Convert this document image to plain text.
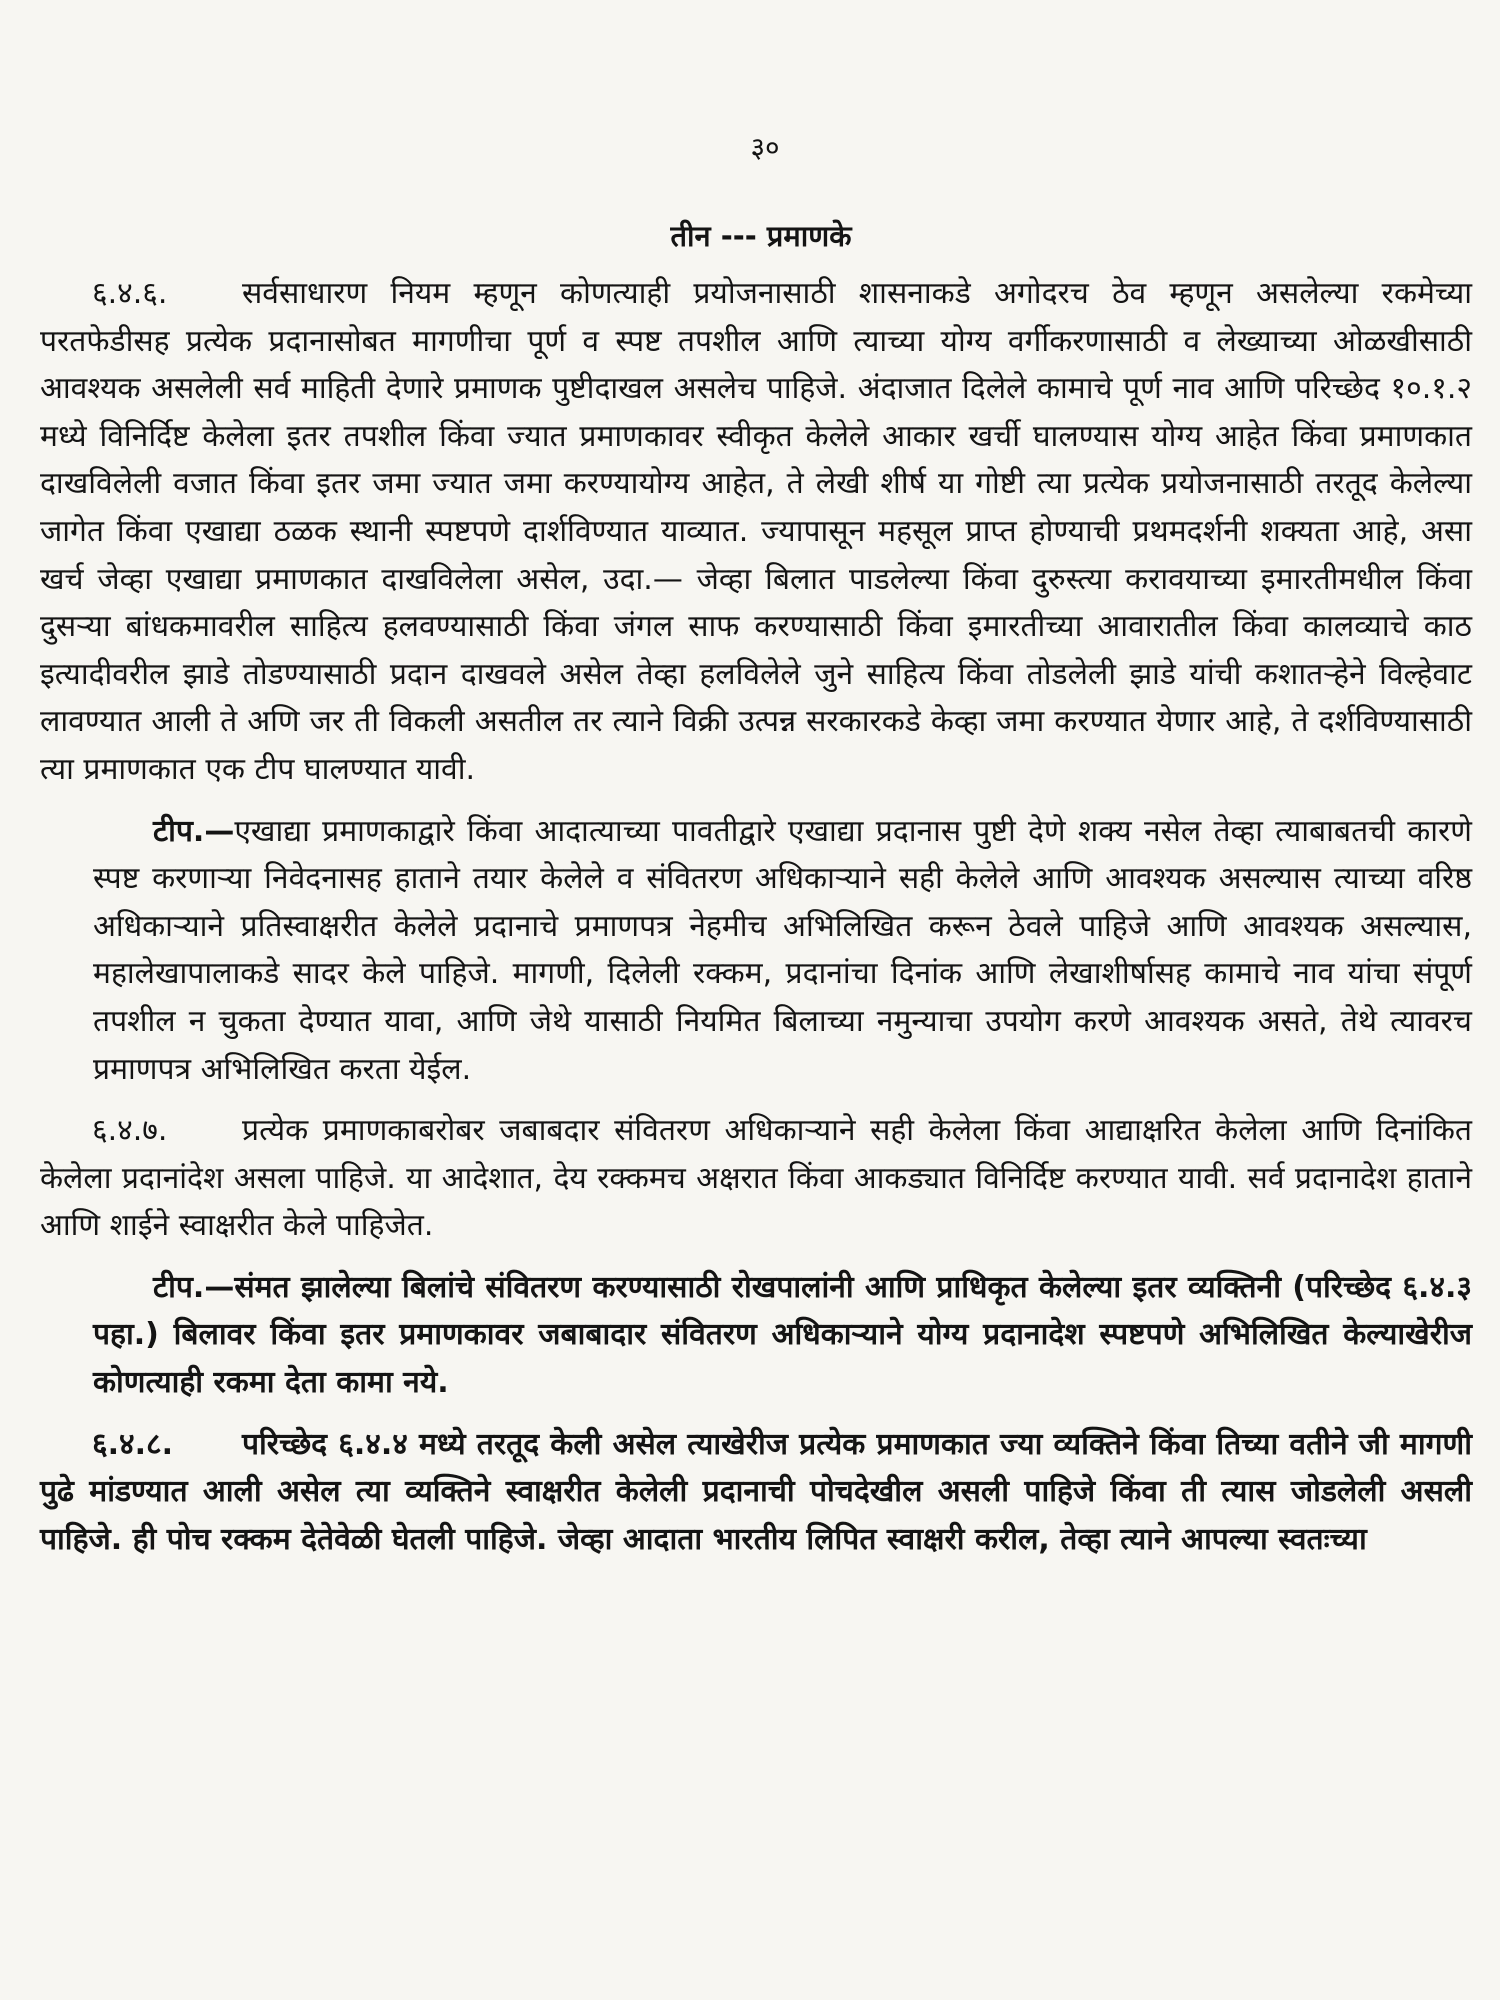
३०
तीन --- प्रमाणके

६.४.६. सर्वसाधारण नियम म्हणून कोणत्याही प्रयोजनासाठी शासनाकडे अगोदरच ठेव म्हणून असलेल्या रकमेच्या परतफेडीसह प्रत्येक प्रदानासोबत मागणीचा पूर्ण व स्पष्ट तपशील आणि त्याच्या योग्य वर्गीकरणासाठी व लेख्याच्या ओळखीसाठी आवश्यक असलेली सर्व माहिती देणारे प्रमाणक पुष्टीदाखल असलेच पाहिजे. अंदाजात दिलेले कामाचे पूर्ण नाव आणि परिच्छेद १०.१.२ मध्ये विनिर्दिष्ट केलेला इतर तपशील किंवा ज्यात प्रमाणकावर स्वीकृत केलेले आकार खर्ची घालण्यास योग्य आहेत किंवा प्रमाणकात दाखविलेली वजात किंवा इतर जमा ज्यात जमा करण्यायोग्य आहेत, ते लेखी शीर्ष या गोष्टी त्या प्रत्येक प्रयोजनासाठी तरतूद केलेल्या जागेत किंवा एखाद्या ठळक स्थानी स्पष्टपणे दार्शविण्यात याव्यात. ज्यापासून महसूल प्राप्त होण्याची प्रथमदर्शनी शक्यता आहे, असा खर्च जेव्हा एखाद्या प्रमाणकात दाखविलेला असेल, उदा.— जेव्हा बिलात पाडलेल्या किंवा दुरुस्त्या करावयाच्या इमारतीमधील किंवा दुसऱ्या बांधकमावरील साहित्य हलवण्यासाठी किंवा जंगल साफ करण्यासाठी किंवा इमारतीच्या आवारातील किंवा कालव्याचे काठ इत्यादीवरील झाडे तोडण्यासाठी प्रदान दाखवले असेल तेव्हा हलविलेले जुने साहित्य किंवा तोडलेली झाडे यांची कशातऱ्हेने विल्हेवाट लावण्यात आली ते अणि जर ती विकली असतील तर त्याने विक्री उत्पन्न सरकारकडे केव्हा जमा करण्यात येणार आहे, ते दर्शविण्यासाठी त्या प्रमाणकात एक टीप घालण्यात यावी.

टीप.—एखाद्या प्रमाणकाद्वारे किंवा आदात्याच्या पावतीद्वारे एखाद्या प्रदानास पुष्टी देणे शक्य नसेल तेव्हा त्याबाबतची कारणे स्पष्ट करणाऱ्या निवेदनासह हाताने तयार केलेले व संवितरण अधिकाऱ्याने सही केलेले आणि आवश्यक असल्यास त्याच्या वरिष्ठ अधिकाऱ्याने प्रतिस्वाक्षरीत केलेले प्रदानाचे प्रमाणपत्र नेहमीच अभिलिखित करून ठेवले पाहिजे आणि आवश्यक असल्यास, महालेखापालाकडे सादर केले पाहिजे. मागणी, दिलेली रक्कम, प्रदानांचा दिनांक आणि लेखाशीर्षासह कामाचे नाव यांचा संपूर्ण तपशील न चुकता देण्यात यावा, आणि जेथे यासाठी नियमित बिलाच्या नमुन्याचा उपयोग करणे आवश्यक असते, तेथे त्यावरच प्रमाणपत्र अभिलिखित करता येईल.

६.४.७. प्रत्येक प्रमाणकाबरोबर जबाबदार संवितरण अधिकाऱ्याने सही केलेला किंवा आद्याक्षरित केलेला आणि दिनांकित केलेला प्रदानांदेश असला पाहिजे. या आदेशात, देय रक्कमच अक्षरात किंवा आकड्यात विनिर्दिष्ट करण्यात यावी. सर्व प्रदानादेश हाताने आणि शाईने स्वाक्षरीत केले पाहिजेत.

टीप.—संमत झालेल्या बिलांचे संवितरण करण्यासाठी रोखपालांनी आणि प्राधिकृत केलेल्या इतर व्यक्तिनी (परिच्छेद ६.४.३ पहा.) बिलावर किंवा इतर प्रमाणकावर जबाबादार संवितरण अधिकाऱ्याने योग्य प्रदानादेश स्पष्टपणे अभिलिखित केल्याखेरीज कोणत्याही रकमा देता कामा नये.

६.४.८. परिच्छेद ६.४.४ मध्ये तरतूद केली असेल त्याखेरीज प्रत्येक प्रमाणकात ज्या व्यक्तिने किंवा तिच्या वतीने जी मागणी पुढे मांडण्यात आली असेल त्या व्यक्तिने स्वाक्षरीत केलेली प्रदानाची पोचदेखील असली पाहिजे किंवा ती त्यास जोडलेली असली पाहिजे. ही पोच रक्कम देतेवेळी घेतली पाहिजे. जेव्हा आदाता भारतीय लिपित स्वाक्षरी करील, तेव्हा त्याने आपल्या स्वतःच्या
